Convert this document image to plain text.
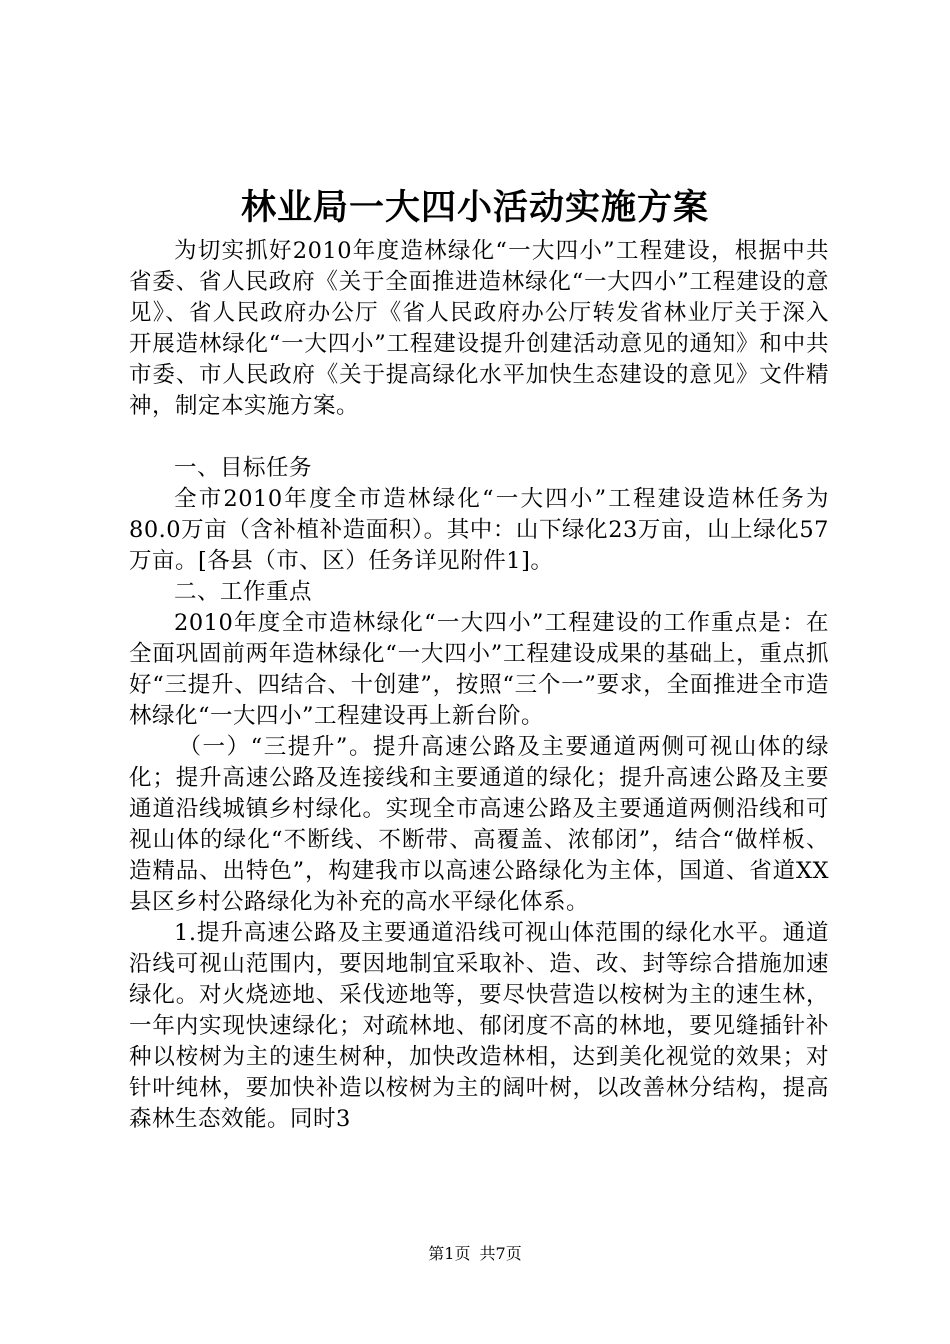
林业局一大四小活动实施方案

为切实抓好2010年度造林绿化“一大四小”工程建设，根据中共省委、省人民政府《关于全面推进造林绿化“一大四小”工程建设的意见》、省人民政府办公厅《省人民政府办公厅转发省林业厅关于深入开展造林绿化“一大四小”工程建设提升创建活动意见的通知》和中共市委、市人民政府《关于提高绿化水平加快生态建设的意见》文件精神，制定本实施方案。

一、目标任务

全市2010年度全市造林绿化“一大四小”工程建设造林任务为80.0万亩（含补植补造面积）。其中：山下绿化23万亩，山上绿化57万亩。[各县（市、区）任务详见附件1]。

二、工作重点

2010年度全市造林绿化“一大四小”工程建设的工作重点是：在全面巩固前两年造林绿化“一大四小”工程建设成果的基础上，重点抓好“三提升、四结合、十创建”，按照“三个一”要求，全面推进全市造林绿化“一大四小”工程建设再上新台阶。

（一）“三提升”。提升高速公路及主要通道两侧可视山体的绿化；提升高速公路及连接线和主要通道的绿化；提升高速公路及主要通道沿线城镇乡村绿化。实现全市高速公路及主要通道两侧沿线和可视山体的绿化“不断线、不断带、高覆盖、浓郁闭”，结合“做样板、造精品、出特色”，构建我市以高速公路绿化为主体，国道、省道XX县区乡村公路绿化为补充的高水平绿化体系。

1.提升高速公路及主要通道沿线可视山体范围的绿化水平。通道沿线可视山范围内，要因地制宜采取补、造、改、封等综合措施加速绿化。对火烧迹地、采伐迹地等，要尽快营造以桉树为主的速生林，一年内实现快速绿化；对疏林地、郁闭度不高的林地，要见缝插针补种以桉树为主的速生树种，加快改造林相，达到美化视觉的效果；对针叶纯林，要加快补造以桉树为主的阔叶树，以改善林分结构，提高森林生态效能。同时3

第1页 共7页
